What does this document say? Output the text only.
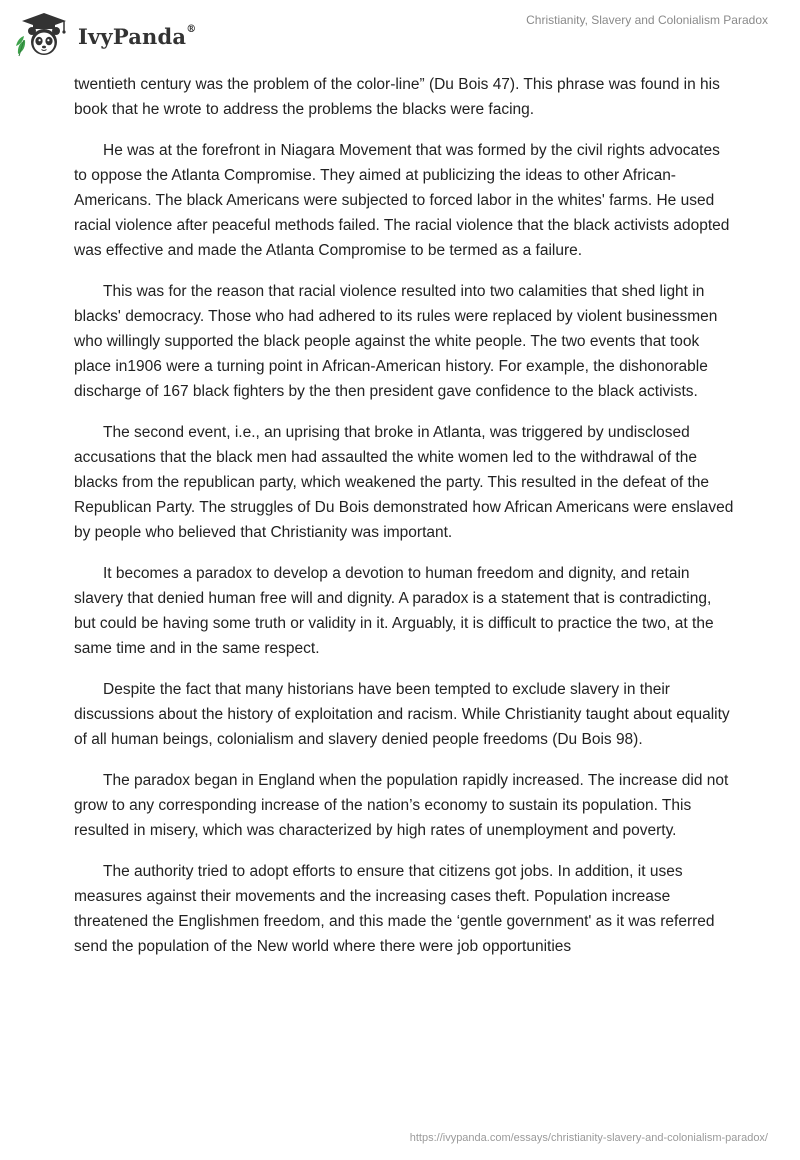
IvyPanda®
Christianity, Slavery and Colonialism Paradox

twentieth century was the problem of the color-line” (Du Bois 47). This phrase was found in his book that he wrote to address the problems the blacks were facing.

He was at the forefront in Niagara Movement that was formed by the civil rights advocates to oppose the Atlanta Compromise. They aimed at publicizing the ideas to other African-Americans. The black Americans were subjected to forced labor in the whites' farms. He used racial violence after peaceful methods failed. The racial violence that the black activists adopted was effective and made the Atlanta Compromise to be termed as a failure.

This was for the reason that racial violence resulted into two calamities that shed light in blacks' democracy. Those who had adhered to its rules were replaced by violent businessmen who willingly supported the black people against the white people. The two events that took place in1906 were a turning point in African-American history. For example, the dishonorable discharge of 167 black fighters by the then president gave confidence to the black activists.

The second event, i.e., an uprising that broke in Atlanta, was triggered by undisclosed accusations that the black men had assaulted the white women led to the withdrawal of the blacks from the republican party, which weakened the party. This resulted in the defeat of the Republican Party. The struggles of Du Bois demonstrated how African Americans were enslaved by people who believed that Christianity was important.

It becomes a paradox to develop a devotion to human freedom and dignity, and retain slavery that denied human free will and dignity. A paradox is a statement that is contradicting, but could be having some truth or validity in it. Arguably, it is difficult to practice the two, at the same time and in the same respect.

Despite the fact that many historians have been tempted to exclude slavery in their discussions about the history of exploitation and racism. While Christianity taught about equality of all human beings, colonialism and slavery denied people freedoms (Du Bois 98).

The paradox began in England when the population rapidly increased. The increase did not grow to any corresponding increase of the nation’s economy to sustain its population. This resulted in misery, which was characterized by high rates of unemployment and poverty.

The authority tried to adopt efforts to ensure that citizens got jobs. In addition, it uses measures against their movements and the increasing cases theft. Population increase threatened the Englishmen freedom, and this made the ‘gentle government' as it was referred send the population of the New world where there were job opportunities

https://ivypanda.com/essays/christianity-slavery-and-colonialism-paradox/
